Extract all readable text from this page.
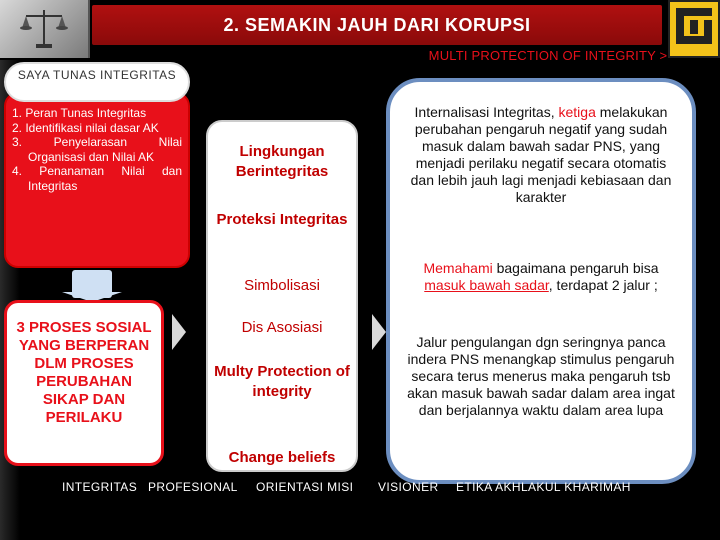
2. SEMAKIN JAUH DARI KORUPSI
1. Peran Tunas Integritas
2. Identifikasi nilai dasar AK
3. Penyelarasan Nilai Organisasi dan Nilai AK
4. Penanaman Nilai dan Integritas
SAYA TUNAS INTEGRITAS
3 PROSES SOSIAL YANG BERPERAN DLM PROSES PERUBAHAN SIKAP DAN PERILAKU
Lingkungan Berintegritas
Proteksi Integritas
Simbolisasi
Dis Asosiasi
Multy Protection of integrity
Change beliefs
MULTI PROTECTION OF INTEGRITY >
Internalisasi Integritas, ketiga melakukan perubahan pengaruh negatif yang sudah masuk dalam bawah sadar PNS, yang menjadi perilaku negatif secara otomatis dan lebih jauh lagi menjadi kebiasaan dan karakter
Memahami bagaimana pengaruh bisa masuk bawah sadar, terdapat 2 jalur ;
Jalur pengulangan dgn seringnya panca indera PNS menangkap stimulus pengaruh secara terus menerus maka pengaruh tsb akan masuk bawah sadar dalam area ingat dan berjalannya waktu dalam area lupa
INTEGRITAS PROFESIONAL ORIENTASI MISI VISIONER ETIKA AKHLAKUL KHARIMAH
